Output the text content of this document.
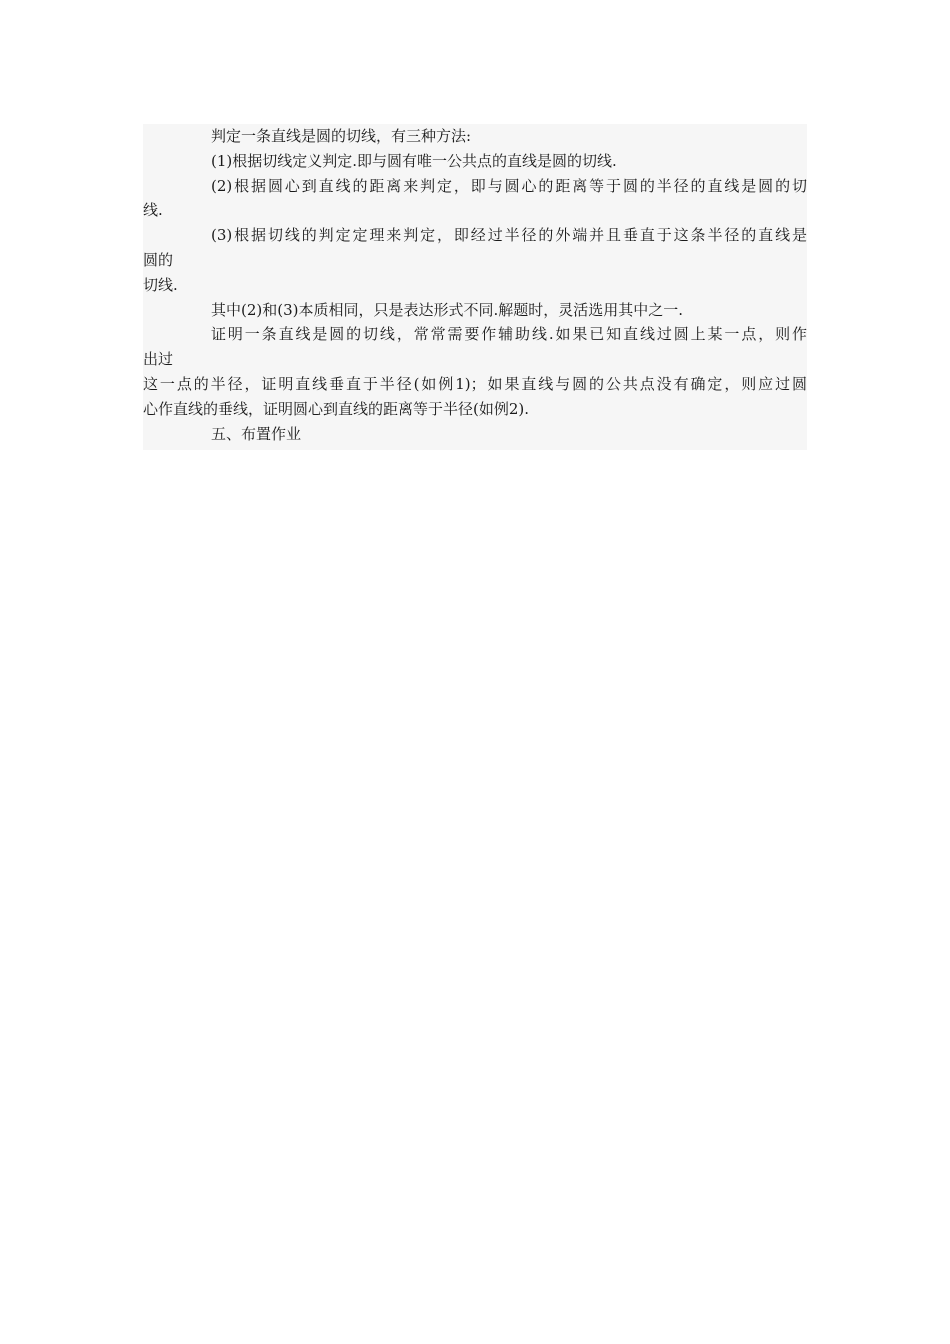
判定一条直线是圆的切线，有三种方法:
(1)根据切线定义判定.即与圆有唯一公共点的直线是圆的切线.
(2)根据圆心到直线的距离来判定，即与圆心的距离等于圆的半径的直线是圆的切
线.
(3)根据切线的判定定理来判定，即经过半径的外端并且垂直于这条半径的直线是
圆的
切线.
其中(2)和(3)本质相同，只是表达形式不同.解题时，灵活选用其中之一.
证明一条直线是圆的切线，常常需要作辅助线.如果已知直线过圆上某一点，则作
出过
这一点的半径，证明直线垂直于半径(如例1)；如果直线与圆的公共点没有确定，则应过圆
心作直线的垂线，证明圆心到直线的距离等于半径(如例2).
五、布置作业
